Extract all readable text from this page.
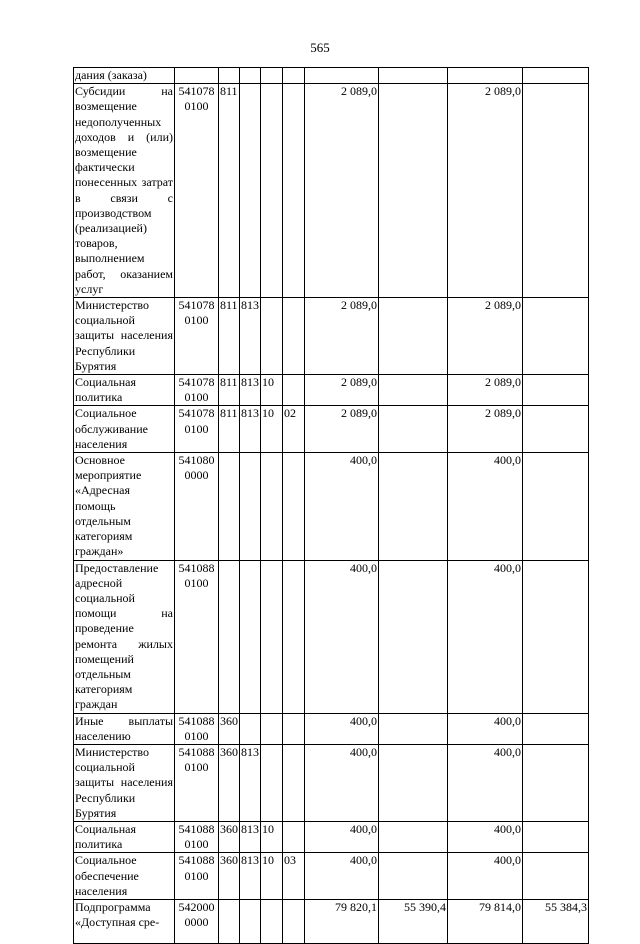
565
дания (заказа)									
Субсидии на возмещение недополученных доходов и (или) возмещение фактически понесенных затрат в связи с производством (реализацией) товаров, выполнением работ, оказанием услуг	541078 0100	811				2 089,0		2 089,0	
Министерство социальной защиты населения Республики Бурятия	541078 0100	811	813			2 089,0		2 089,0	
Социальная политика	541078 0100	811	813	10		2 089,0		2 089,0	
Социальное обслуживание населения	541078 0100	811	813	10	02	2 089,0		2 089,0	
Основное мероприятие «Адресная помощь отдельным категориям граждан»	541080 0000					400,0		400,0	
Предоставление адресной социальной помощи на проведение ремонта жилых помещений отдельным категориям граждан	541088 0100					400,0		400,0	
Иные выплаты населению	541088 0100	360				400,0		400,0	
Министерство социальной защиты населения Республики Бурятия	541088 0100	360	813			400,0		400,0	
Социальная политика	541088 0100	360	813	10		400,0		400,0	
Социальное обеспечение населения	541088 0100	360	813	10	03	400,0		400,0	
Подпрограмма «Доступная сре-	542000 0000					79 820,1	55 390,4	79 814,0	55 384,3
